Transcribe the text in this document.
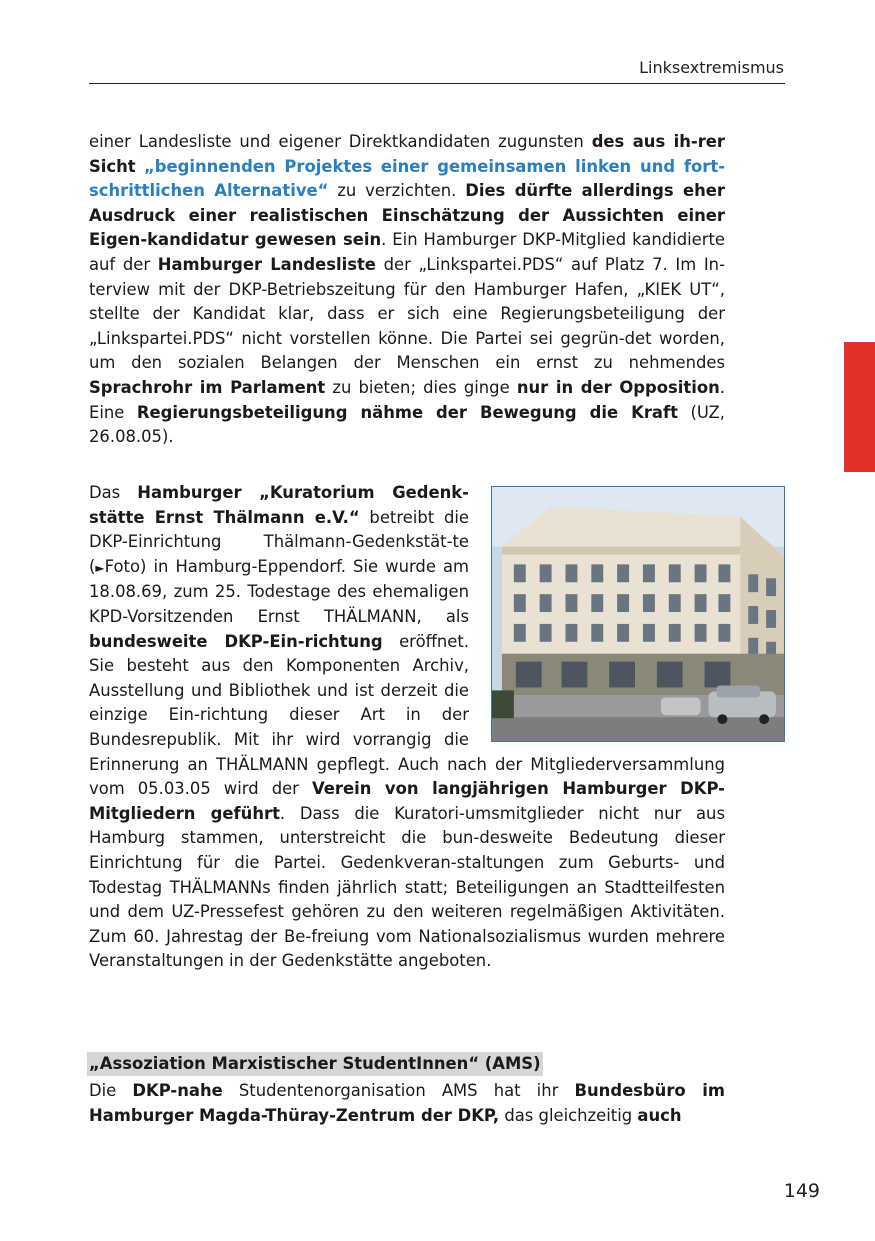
Linksextremismus

einer Landesliste und eigener Direktkandidaten zugunsten des aus ih-rer Sicht „beginnenden Projektes einer gemeinsamen linken und fort-schrittlichen Alternative“ zu verzichten. Dies dürfte allerdings eher Ausdruck einer realistischen Einschätzung der Aussichten einer Eigen-kandidatur gewesen sein. Ein Hamburger DKP-Mitglied kandidierte auf der Hamburger Landesliste der „Linkspartei.PDS“ auf Platz 7. Im In-terview mit der DKP-Betriebszeitung für den Hamburger Hafen, „KIEK UT“, stellte der Kandidat klar, dass er sich eine Regierungsbeteiligung der „Linkspartei.PDS“ nicht vorstellen könne. Die Partei sei gegrün-det worden, um den sozialen Belangen der Menschen ein ernst zu nehmendes Sprachrohr im Parlament zu bieten; dies ginge nur in der Opposition. Eine Regierungsbeteiligung nähme der Bewegung die Kraft (UZ, 26.08.05).

Das Hamburger „Kuratorium Gedenk-stätte Ernst Thälmann e.V.“ betreibt die DKP-Einrichtung Thälmann-Gedenkstät-te (►Foto) in Hamburg-Eppendorf. Sie wurde am 18.08.69, zum 25. Todestage des ehemaligen KPD-Vorsitzenden Ernst THÄLMANN, als bundesweite DKP-Ein-richtung eröffnet. Sie besteht aus den Komponenten Archiv, Ausstellung und Bibliothek und ist derzeit die einzige Ein-richtung dieser Art in der Bundesrepublik. Mit ihr wird vorrangig die Erinnerung an THÄLMANN gepflegt. Auch nach der Mitgliederversammlung vom 05.03.05 wird der Verein von langjährigen Hamburger DKP-Mitgliedern geführt. Dass die Kuratori-umsmitglieder nicht nur aus Hamburg stammen, unterstreicht die bun-desweite Bedeutung dieser Einrichtung für die Partei. Gedenkveran-staltungen zum Geburts- und Todestag THÄLMANNs finden jährlich statt; Beteiligungen an Stadtteilfesten und dem UZ-Pressefest gehören zu den weiteren regelmäßigen Aktivitäten. Zum 60. Jahrestag der Be-freiung vom Nationalsozialismus wurden mehrere Veranstaltungen in der Gedenkstätte angeboten.
„Assoziation Marxistischer StudentInnen“ (AMS)

Die DKP-nahe Studentenorganisation AMS hat ihr Bundesbüro im Hamburger Magda-Thüray-Zentrum der DKP, das gleichzeitig auch

149
